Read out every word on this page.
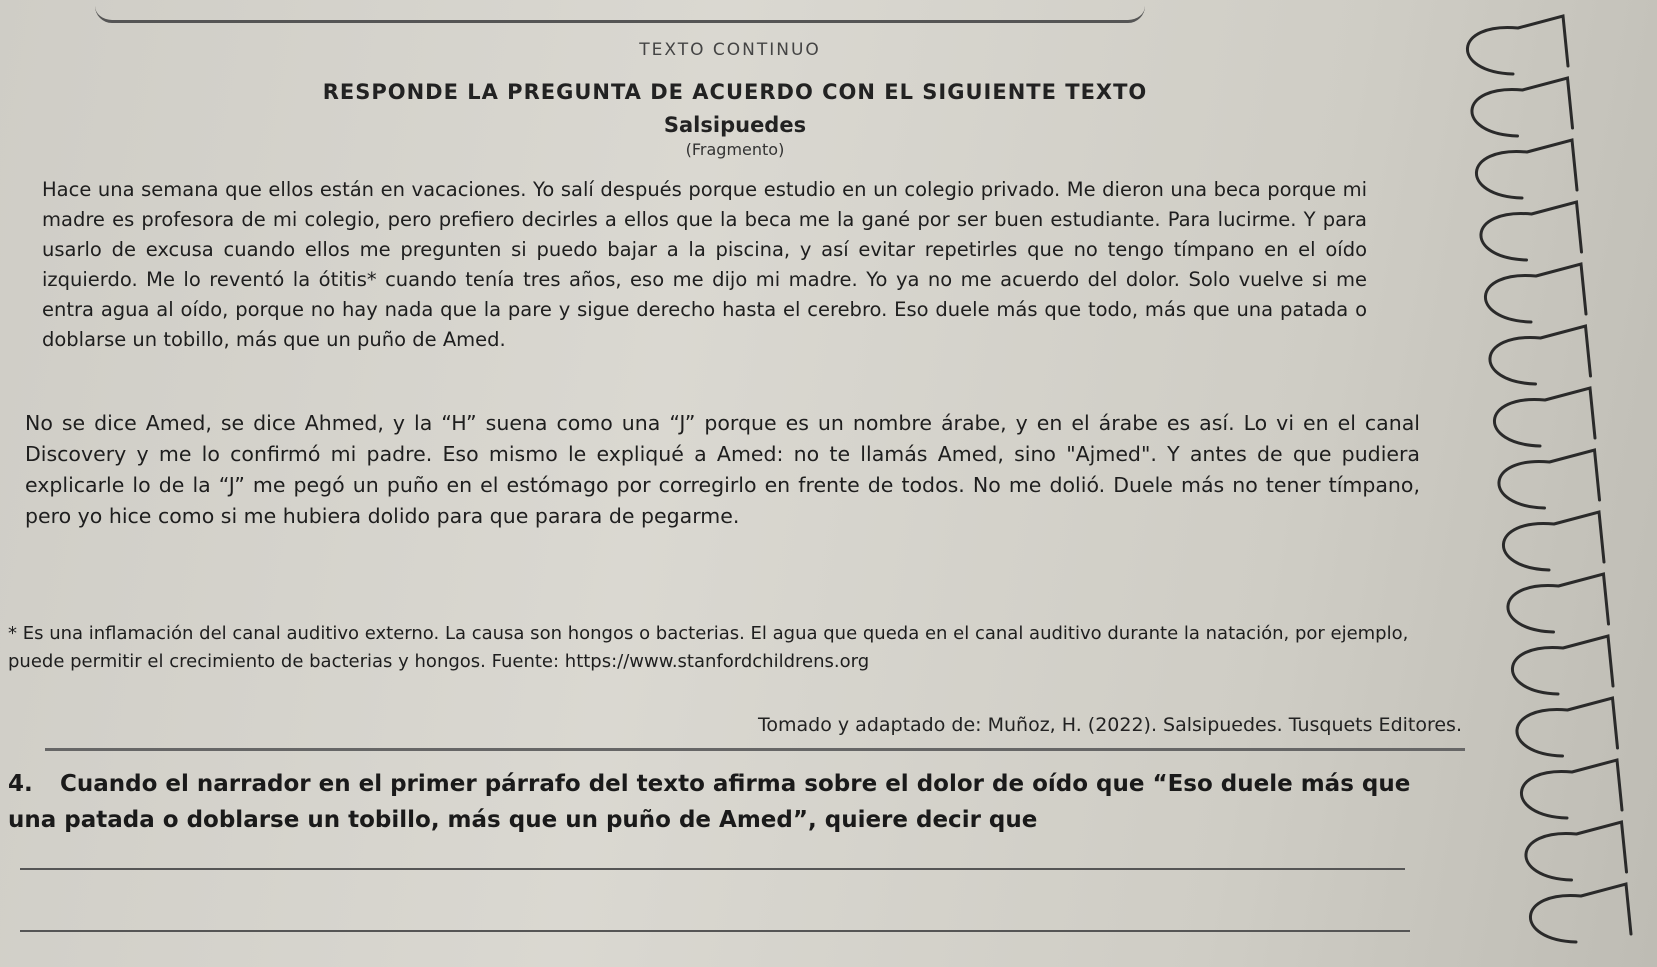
TEXTO CONTINUO
RESPONDE LA PREGUNTA DE ACUERDO CON EL SIGUIENTE TEXTO
Salsipuedes
(Fragmento)

Hace una semana que ellos están en vacaciones. Yo salí después porque estudio en un colegio privado. Me dieron una beca porque mi madre es profesora de mi colegio, pero prefiero decirles a ellos que la beca me la gané por ser buen estudiante. Para lucirme. Y para usarlo de excusa cuando ellos me pregunten si puedo bajar a la piscina, y así evitar repetirles que no tengo tímpano en el oído izquierdo. Me lo reventó la ótitis* cuando tenía tres años, eso me dijo mi madre. Yo ya no me acuerdo del dolor. Solo vuelve si me entra agua al oído, porque no hay nada que la pare y sigue derecho hasta el cerebro. Eso duele más que todo, más que una patada o doblarse un tobillo, más que un puño de Amed.

No se dice Amed, se dice Ahmed, y la “H” suena como una “J” porque es un nombre árabe, y en el árabe es así. Lo vi en el canal Discovery y me lo confirmó mi padre. Eso mismo le expliqué a Amed: no te llamás Amed, sino "Ajmed". Y antes de que pudiera explicarle lo de la “J” me pegó un puño en el estómago por corregirlo en frente de todos. No me dolió. Duele más no tener tímpano, pero yo hice como si me hubiera dolido para que parara de pegarme.

* Es una inflamación del canal auditivo externo. La causa son hongos o bacterias. El agua que queda en el canal auditivo durante la natación, por ejemplo, puede permitir el crecimiento de bacterias y hongos. Fuente: https://www.stanfordchildrens.org

Tomado y adaptado de: Muñoz, H. (2022). Salsipuedes. Tusquets Editores.

4. Cuando el narrador en el primer párrafo del texto afirma sobre el dolor de oído que “Eso duele más que una patada o doblarse un tobillo, más que un puño de Amed”, quiere decir que
